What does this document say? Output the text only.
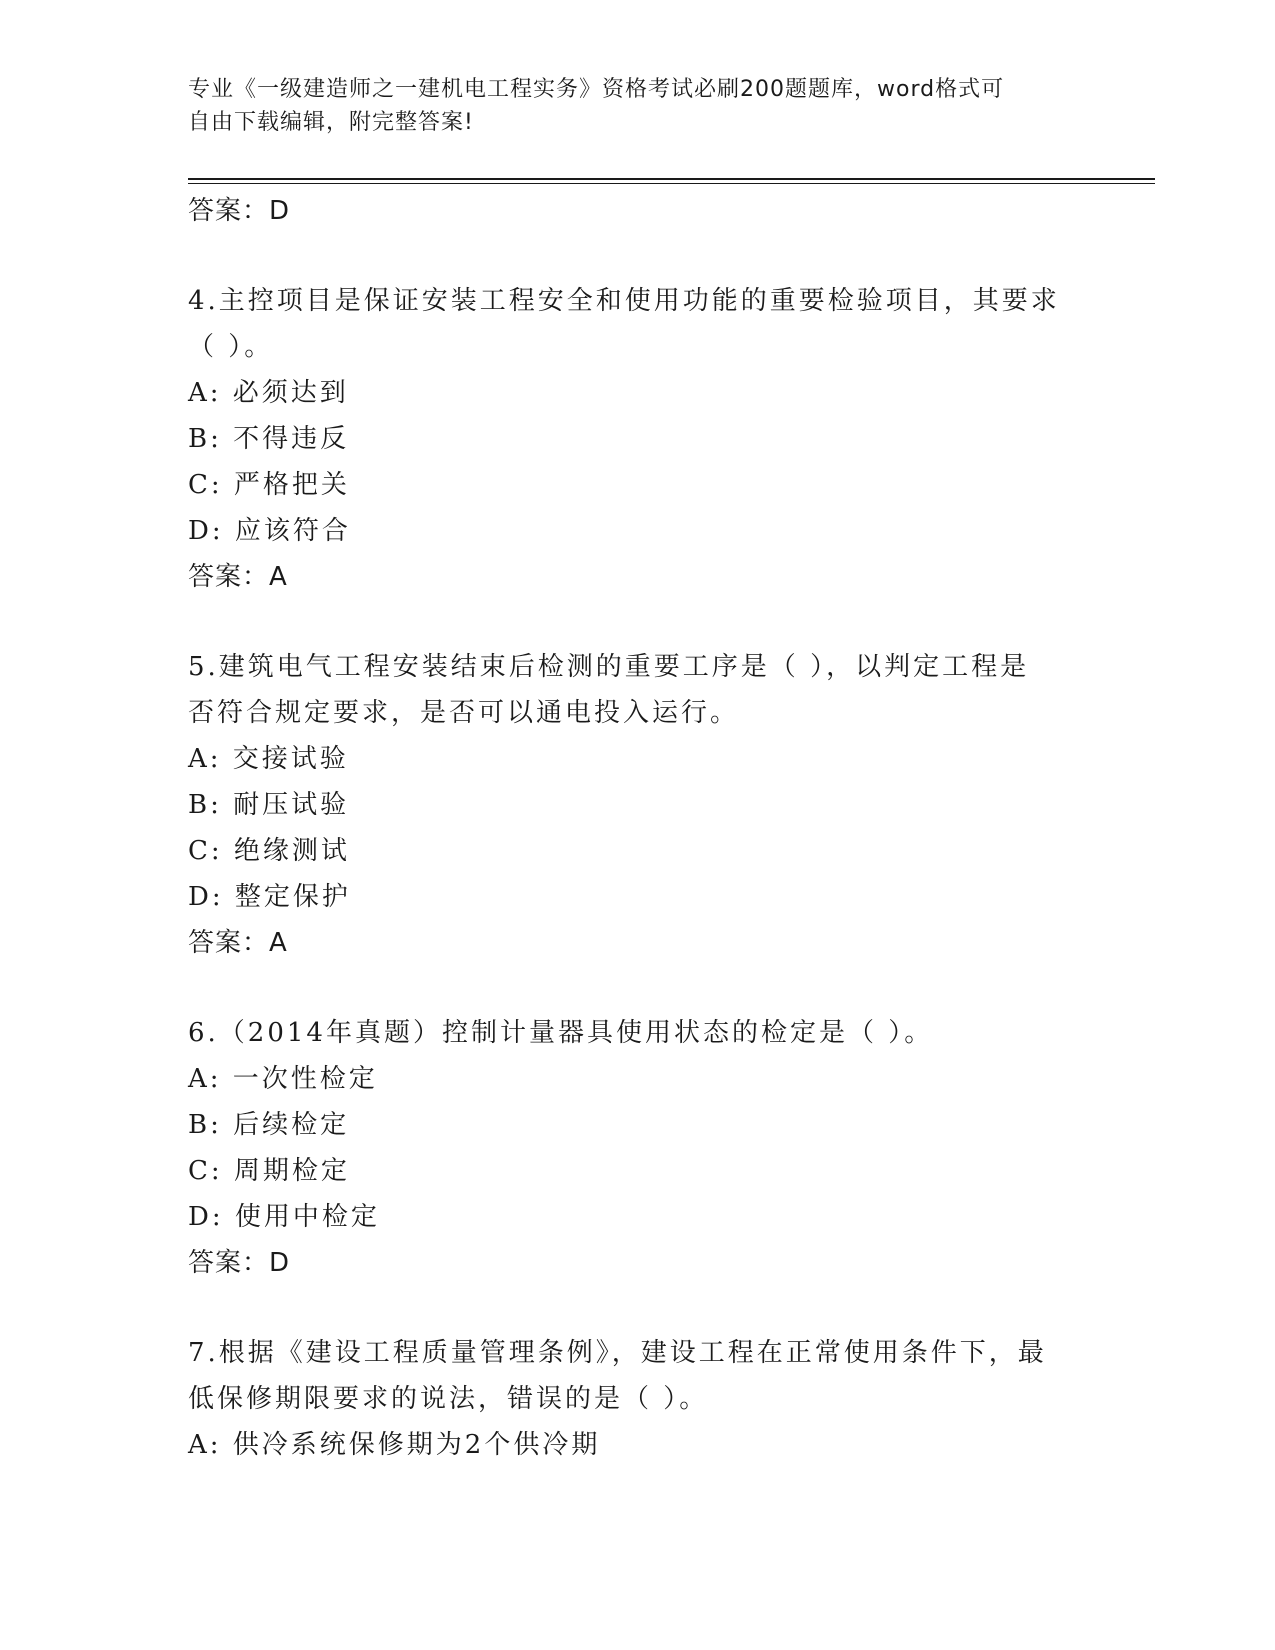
专业《一级建造师之一建机电工程实务》资格考试必刷200题题库，word格式可
自由下载编辑，附完整答案!
答案：D
4.主控项目是保证安装工程安全和使用功能的重要检验项目，其要求
（ ）。
A: 必须达到
B: 不得违反
C: 严格把关
D: 应该符合
答案：A
5.建筑电气工程安装结束后检测的重要工序是（ ），以判定工程是
否符合规定要求，是否可以通电投入运行。
A: 交接试验
B: 耐压试验
C: 绝缘测试
D: 整定保护
答案：A
6.（2014年真题）控制计量器具使用状态的检定是（ ）。
A: 一次性检定
B: 后续检定
C: 周期检定
D: 使用中检定
答案：D
7.根据《建设工程质量管理条例》，建设工程在正常使用条件下，最
低保修期限要求的说法，错误的是（ ）。
A: 供冷系统保修期为2个供冷期
